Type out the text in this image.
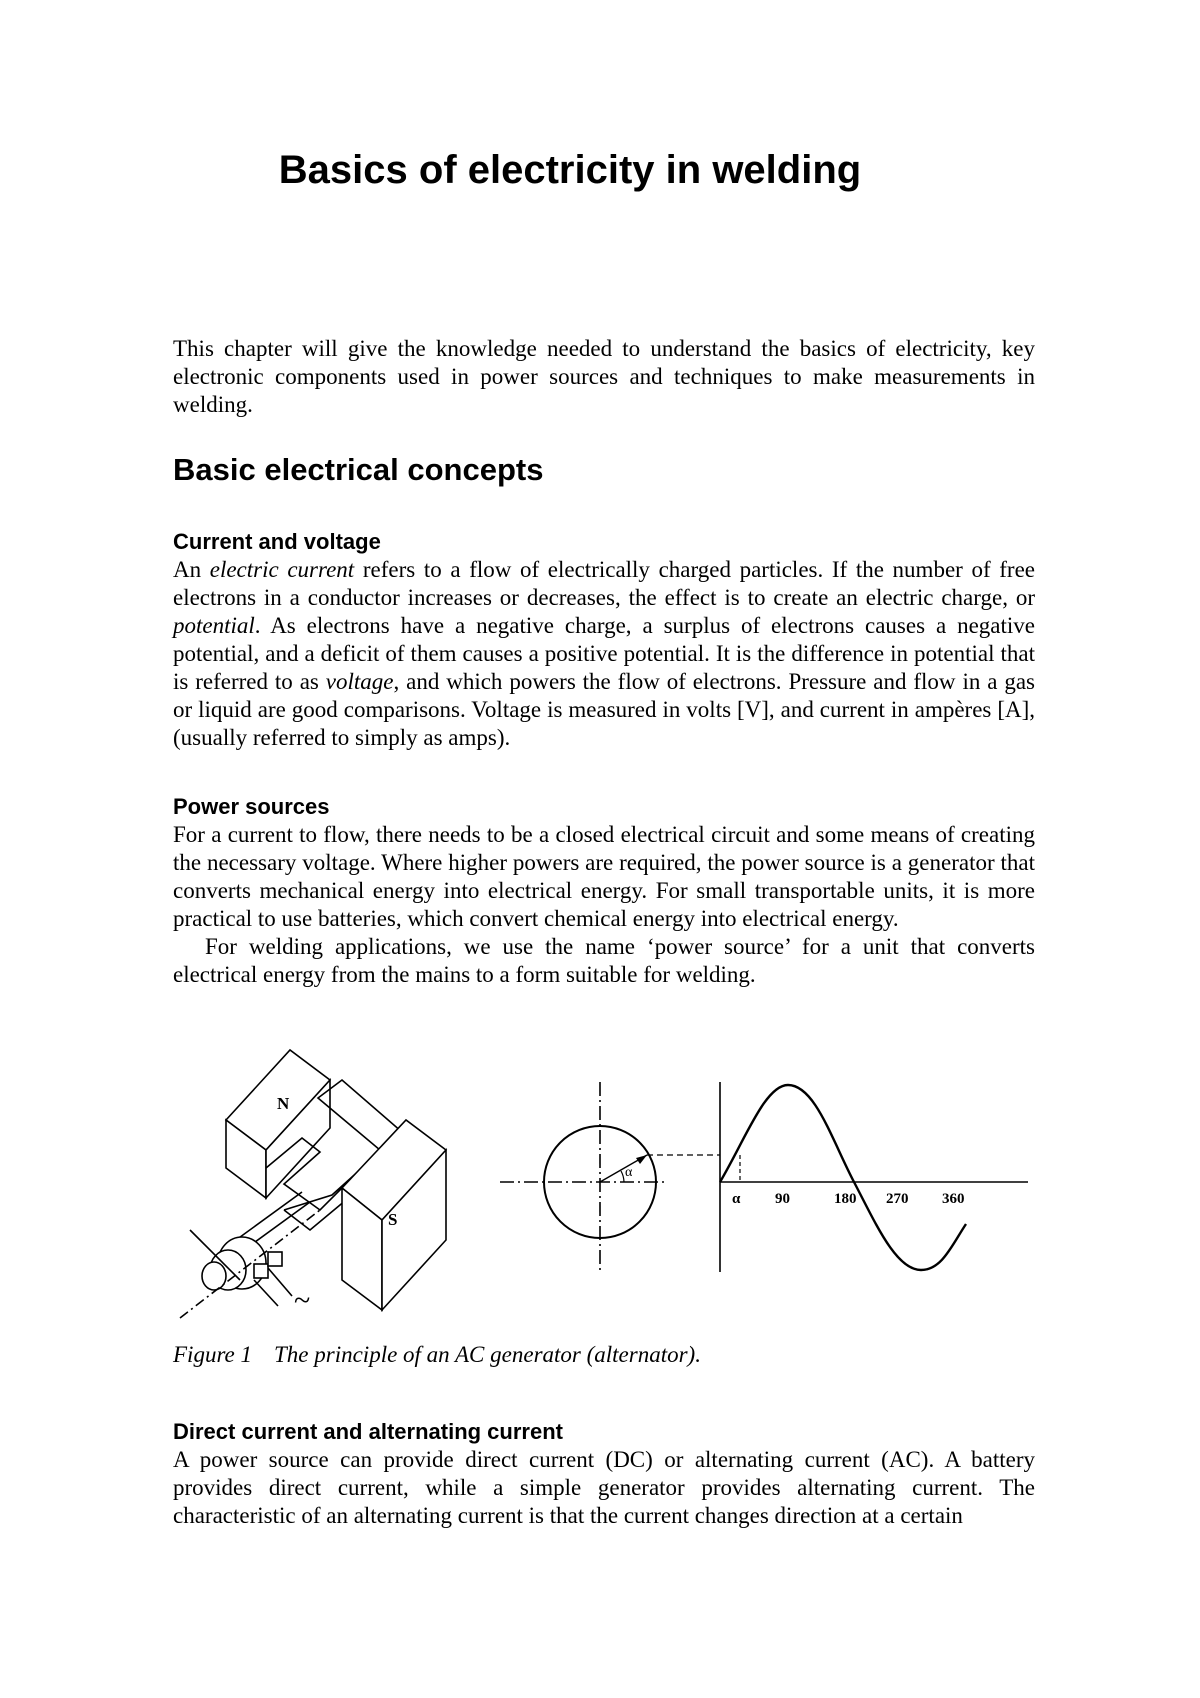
Basics of electricity in welding

This chapter will give the knowledge needed to understand the basics of electricity, key electronic components used in power sources and techniques to make measurements in welding.

Basic electrical concepts
Current and voltage

An electric current refers to a flow of electrically charged particles. If the number of free electrons in a conductor increases or decreases, the effect is to create an electric charge, or potential. As electrons have a negative charge, a surplus of electrons causes a negative potential, and a deficit of them causes a positive potential. It is the difference in potential that is referred to as voltage, and which powers the flow of electrons. Pressure and flow in a gas or liquid are good comparisons. Voltage is measured in volts [V], and current in ampères [A], (usually referred to simply as amps).

Power sources

For a current to flow, there needs to be a closed electrical circuit and some means of creating the necessary voltage. Where higher powers are required, the power source is a generator that converts mechanical energy into electrical energy. For small transportable units, it is more practical to use batteries, which convert chemical energy into electrical energy.

For welding applications, we use the name ‘power source’ for a unit that converts electrical energy from the mains to a form suitable for welding.

N
S
~
α
α 90	180 270 360

Figure 1 The principle of an AC generator (alternator).

Direct current and alternating current

A power source can provide direct current (DC) or alternating current (AC). A battery provides direct current, while a simple generator provides alternating current. The characteristic of an alternating current is that the current changes direction at a certain
